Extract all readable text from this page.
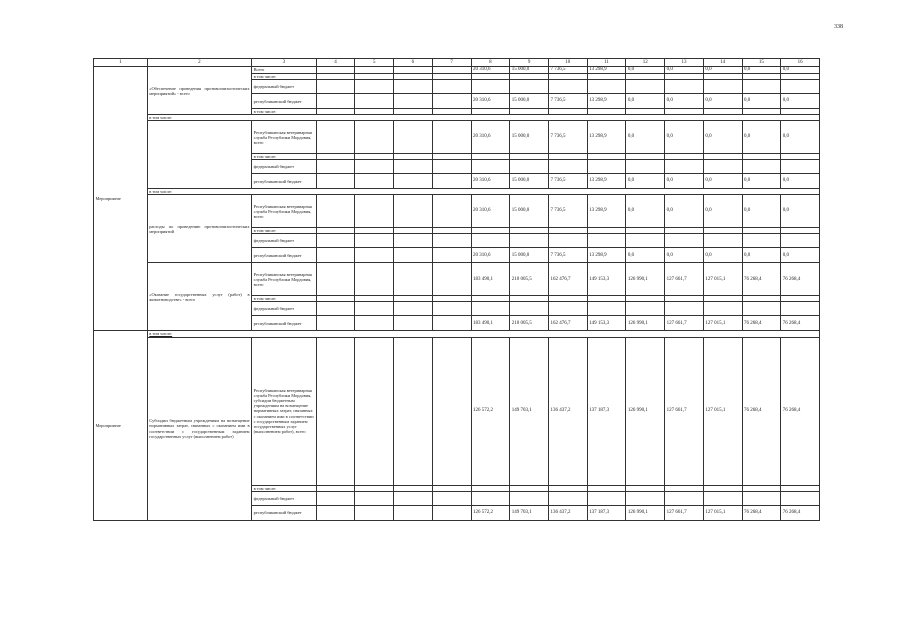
338
1	2	3	4	5	6	7	8	9	10	11	12	13	14	15	16
Мероприятие	«Обеспечение проведения противоэпизоотических мероприятий» - всего	Всего					20 310,6	15 000,0	7 736,5	13 298,9	0,0	0,0	0,0	0,0	0,0
		в том числе:													
		федеральный бюджет													
		республиканский бюджет					20 310,6	15 000,0	7 736,5	13 298,9	0,0	0,0	0,0	0,0	0,0
		в том числе:													
	в том числе:														
		Республиканская ветеринарная служба Республики Мордовия, всего					20 310,6	15 000,0	7 736,5	13 298,9	0,0	0,0	0,0	0,0	0,0
		в том числе:													
		федеральный бюджет													
		республиканский бюджет					20 310,6	15 000,0	7 736,5	13 298,9	0,0	0,0	0,0	0,0	0,0
	в том числе:														
	расходы по проведению противоэпизоотических мероприятий	Республиканская ветеринарная служба Республики Мордовия, всего					20 310,6	15 000,0	7 736,5	13 298,9	0,0	0,0	0,0	0,0	0,0
		в том числе:													
		федеральный бюджет													
		республиканский бюджет					20 310,6	15 000,0	7 736,5	13 298,9	0,0	0,0	0,0	0,0	0,0
	«Оказание государственных услуг (работ) в животноводстве» - всего	Республиканская ветеринарная служба Республики Мордовия, всего					183 490,1	210 005,5	162 476,7	149 153,3	126 990,1	127 661,7	127 015,1	76 268,4	76 268,4
		в том числе:													
		федеральный бюджет													
		республиканский бюджет					183 490,1	210 005,5	162 476,7	149 153,3	126 990,1	127 661,7	127 015,1	76 268,4	76 268,4
Мероприятие	в том числе:														
	Субсидии бюджетным учреждениям на возмещение нормативных затрат, связанных с оказанием ими в соответствии с государственным заданием государственных услуг (выполнением работ)	Республиканская ветеринарная служба Республики Мордовия, субсидии бюджетным учреждениям на возмещение нормативных затрат, связанных с оказанием ими в соответствии с государственным заданием государственных услуг (выполнением работ), всего					126 572,2	149 703,1	136 437,2	137 187,3	126 990,1	127 661,7	127 015,1	76 268,4	76 268,4
		в том числе:													
		федеральный бюджет													
		республиканский бюджет					126 572,2	149 703,1	136 437,2	137 187,3	126 990,1	127 661,7	127 015,1	76 268,4	76 268,4
